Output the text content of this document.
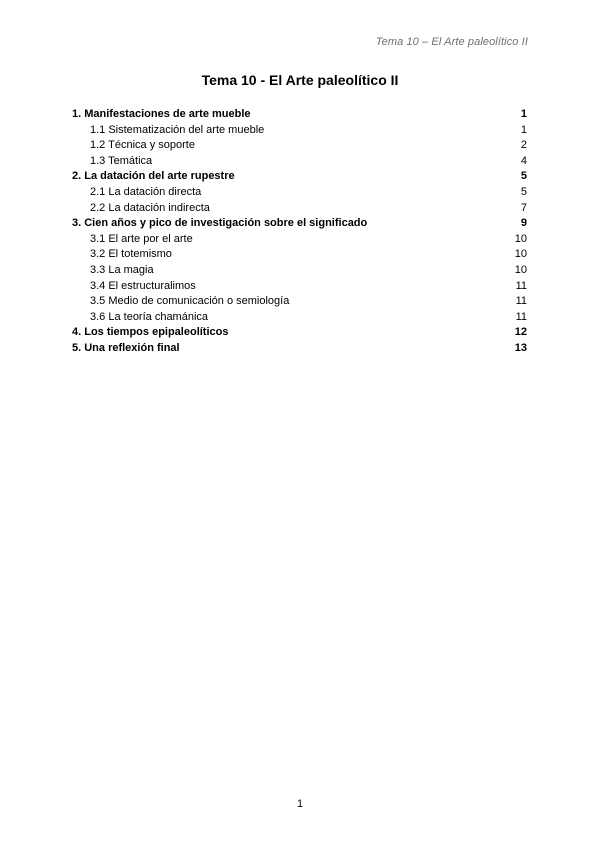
Tema 10 – El Arte paleolítico II
Tema 10 - El Arte paleolítico II
1. Manifestaciones de arte mueble	1
1.1 Sistematización del arte mueble	1
1.2 Técnica y soporte	2
1.3 Temática	4
2. La datación del arte rupestre	5
2.1 La datación directa	5
2.2 La datación indirecta	7
3. Cien años y pico de investigación sobre el significado	9
3.1 El arte por el arte	10
3.2 El totemismo	10
3.3 La magia	10
3.4 El estructuralimos	11
3.5 Medio de comunicación o semiología	11
3.6 La teoría chamánica	11
4. Los tiempos epipaleolíticos	12
5. Una reflexión final	13
1
